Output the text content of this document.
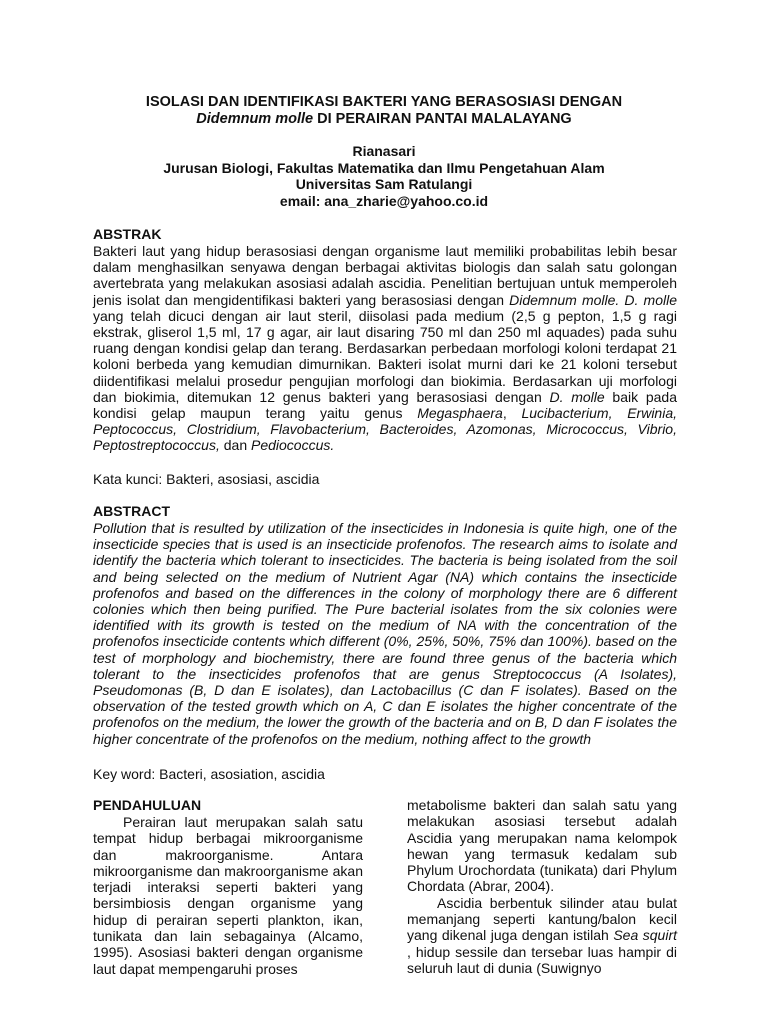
ISOLASI DAN IDENTIFIKASI BAKTERI YANG BERASOSIASI DENGAN
Didemnum molle DI PERAIRAN PANTAI MALALAYANG
Rianasari
Jurusan Biologi, Fakultas Matematika dan Ilmu Pengetahuan Alam
Universitas Sam Ratulangi
email: ana_zharie@yahoo.co.id
ABSTRAK
Bakteri laut yang hidup berasosiasi dengan organisme laut memiliki probabilitas lebih besar dalam menghasilkan senyawa dengan berbagai aktivitas biologis dan salah satu golongan avertebrata yang melakukan asosiasi adalah ascidia. Penelitian bertujuan untuk memperoleh jenis isolat dan mengidentifikasi bakteri yang berasosiasi dengan Didemnum molle. D. molle yang telah dicuci dengan air laut steril, diisolasi pada medium (2,5 g pepton, 1,5 g ragi ekstrak, gliserol 1,5 ml, 17 g agar, air laut disaring 750 ml dan 250 ml aquades) pada suhu ruang dengan kondisi gelap dan terang. Berdasarkan perbedaan morfologi koloni terdapat 21 koloni berbeda yang kemudian dimurnikan. Bakteri isolat murni dari ke 21 koloni tersebut diidentifikasi melalui prosedur pengujian morfologi dan biokimia. Berdasarkan uji morfologi dan biokimia, ditemukan 12 genus bakteri yang berasosiasi dengan D. molle baik pada kondisi gelap maupun terang yaitu genus Megasphaera, Lucibacterium, Erwinia, Peptococcus, Clostridium, Flavobacterium, Bacteroides, Azomonas, Micrococcus, Vibrio, Peptostreptococcus, dan Pediococcus.
Kata kunci: Bakteri, asosiasi, ascidia
ABSTRACT
Pollution that is resulted by utilization of the insecticides in Indonesia is quite high, one of the insecticide species that is used is an insecticide profenofos. The research aims to isolate and identify the bacteria which tolerant to insecticides. The bacteria is being isolated from the soil and being selected on the medium of Nutrient Agar (NA) which contains the insecticide profenofos and based on the differences in the colony of morphology there are 6 different colonies which then being purified. The Pure bacterial isolates from the six colonies were identified with its growth is tested on the medium of NA with the concentration of the profenofos insecticide contents which different (0%, 25%, 50%, 75% dan 100%). based on the test of morphology and biochemistry, there are found three genus of the bacteria which tolerant to the insecticides profenofos that are genus Streptococcus (A Isolates), Pseudomonas (B, D dan E isolates), dan Lactobacillus (C dan F isolates). Based on the observation of the tested growth which on A, C dan E isolates the higher concentrate of the profenofos on the medium, the lower the growth of the bacteria and on B, D dan F isolates the higher concentrate of the profenofos on the medium, nothing affect to the growth
Key word: Bacteri, asosiation, ascidia
PENDAHULUAN

Perairan laut merupakan salah satu tempat hidup berbagai mikroorganisme dan makroorganisme. Antara mikroorganisme dan makroorganisme akan terjadi interaksi seperti bakteri yang bersimbiosis dengan organisme yang hidup di perairan seperti plankton, ikan, tunikata dan lain sebagainya (Alcamo, 1995). Asosiasi bakteri dengan organisme laut dapat mempengaruhi proses

metabolisme bakteri dan salah satu yang melakukan asosiasi tersebut adalah Ascidia yang merupakan nama kelompok hewan yang termasuk kedalam sub Phylum Urochordata (tunikata) dari Phylum Chordata (Abrar, 2004).

Ascidia berbentuk silinder atau bulat memanjang seperti kantung/balon kecil yang dikenal juga dengan istilah Sea squirt , hidup sessile dan tersebar luas hampir di seluruh laut di dunia (Suwignyo
